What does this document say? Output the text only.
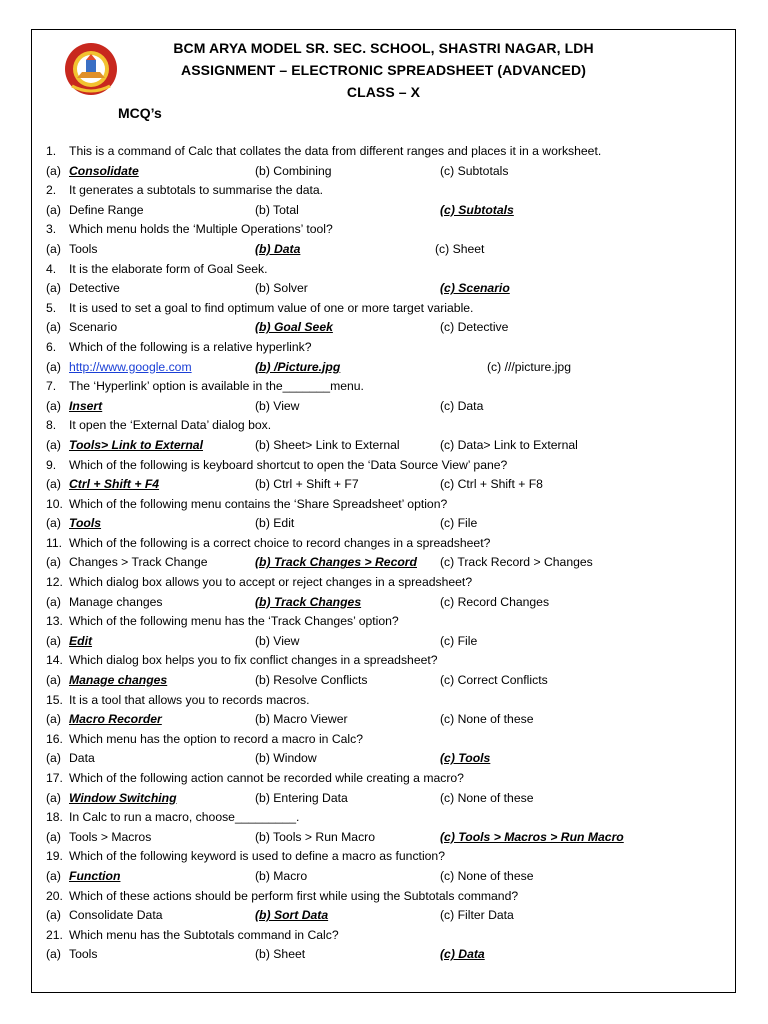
BCM ARYA MODEL SR. SEC. SCHOOL, SHASTRI NAGAR, LDH
ASSIGNMENT – ELECTRONIC SPREADSHEET (ADVANCED)
CLASS – X
MCQ’s
1. This is a command of Calc that collates the data from different ranges and places it in a worksheet.
(a) Consolidate	(b) Combining	(c) Subtotals
2. It generates a subtotals to summarise the data.
(a) Define Range	(b) Total	(c) Subtotals
3. Which menu holds the ‘Multiple Operations’ tool?
(a) Tools	(b) Data	(c) Sheet
4. It is the elaborate form of Goal Seek.
(a) Detective	(b) Solver	(c) Scenario
5. It is used to set a goal to find optimum value of one or more target variable.
(a) Scenario	(b) Goal Seek	(c) Detective
6. Which of the following is a relative hyperlink?
(a) http://www.google.com	(b) /Picture.jpg	(c) ///picture.jpg
7. The ‘Hyperlink’ option is available in the_______menu.
(a) Insert	(b) View	(c) Data
8. It open the ‘External Data’ dialog box.
(a) Tools> Link to External	(b) Sheet> Link to External	(c) Data> Link to External
9. Which of the following is keyboard shortcut to open the ‘Data Source View’ pane?
(a) Ctrl + Shift + F4	(b) Ctrl + Shift + F7	(c) Ctrl + Shift + F8
10. Which of the following menu contains the ‘Share Spreadsheet’ option?
(a) Tools	(b) Edit	(c) File
11. Which of the following is a correct choice to record changes in a spreadsheet?
(a) Changes > Track Change	(b) Track Changes > Record (c) Track Record > Changes
12. Which dialog box allows you to accept or reject changes in a spreadsheet?
(a) Manage changes	(b) Track Changes	(c) Record Changes
13. Which of the following menu has the ‘Track Changes’ option?
(a) Edit	(b) View	(c) File
14. Which dialog box helps you to fix conflict changes in a spreadsheet?
(a) Manage changes	(b) Resolve Conflicts	(c) Correct Conflicts
15. It is a tool that allows you to records macros.
(a) Macro Recorder	(b) Macro Viewer	(c) None of these
16. Which menu has the option to record a macro in Calc?
(a) Data	(b) Window	(c) Tools
17. Which of the following action cannot be recorded while creating a macro?
(a) Window Switching	(b) Entering Data	(c) None of these
18. In Calc to run a macro, choose_________.
(a) Tools > Macros	(b) Tools > Run Macro	(c) Tools > Macros > Run Macro
19. Which of the following keyword is used to define a macro as function?
(a) Function	(b) Macro	(c) None of these
20. Which of these actions should be perform first while using the Subtotals command?
(a) Consolidate Data	(b) Sort Data	(c) Filter Data
21. Which menu has the Subtotals command in Calc?
(a) Tools	(b) Sheet	(c) Data
